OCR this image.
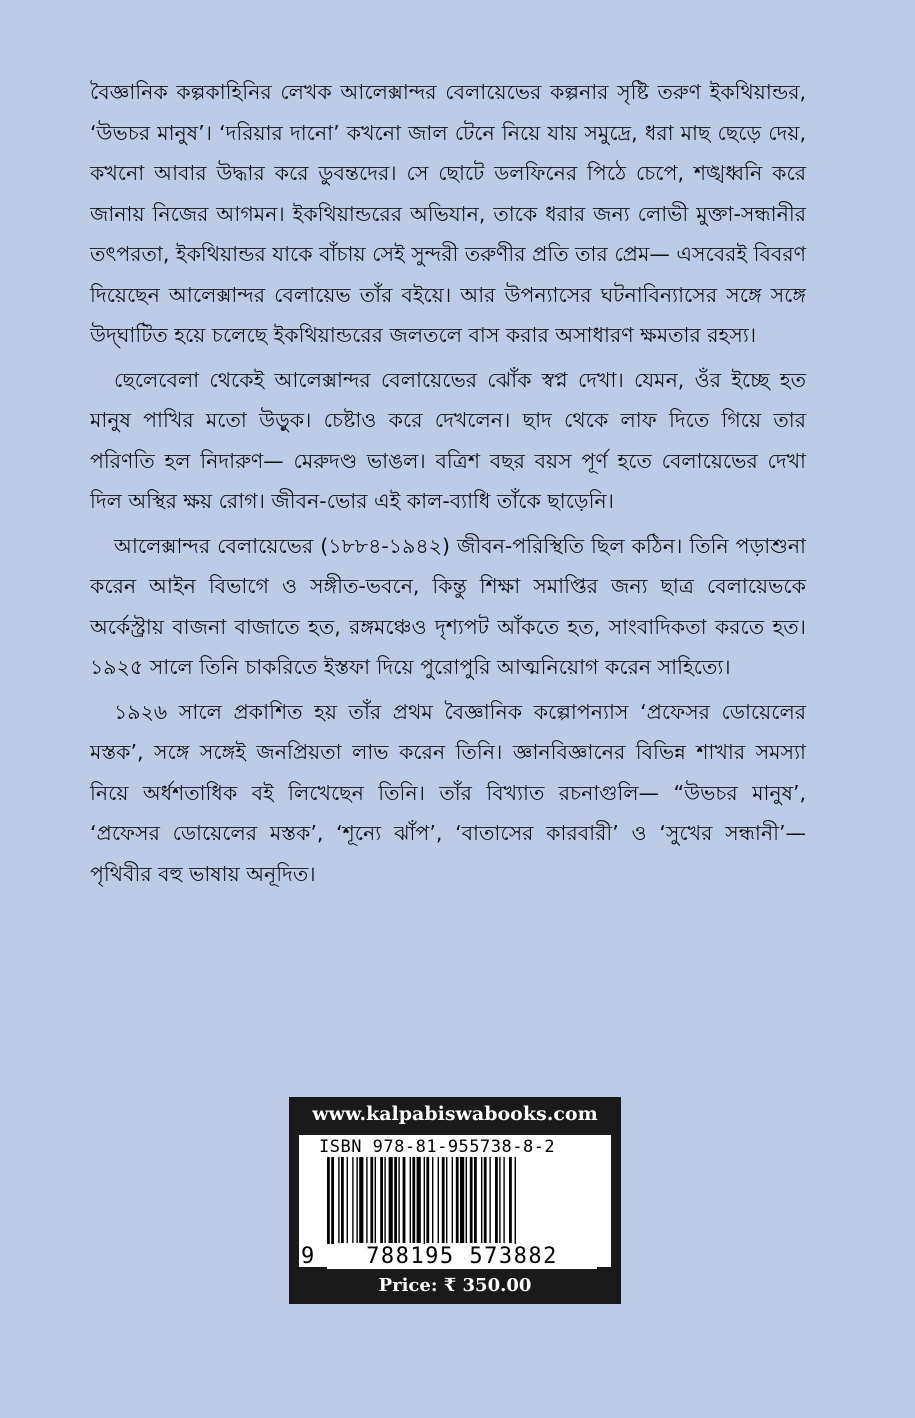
বৈজ্ঞানিক কল্পকাহিনির লেখক আলেক্সান্দর বেলায়েভের কল্পনার সৃষ্টি তরুণ ইকথিয়ান্ডর, ‘উভচর মানুষ’। ‘দরিয়ার দানো’ কখনো জাল টেনে নিয়ে যায় সমুদ্রে, ধরা মাছ ছেড়ে দেয়, কখনো আবার উদ্ধার করে ডুবন্তদের। সে ছোটে ডলফিনের পিঠে চেপে, শঙ্খধ্বনি করে জানায় নিজের আগমন। ইকথিয়ান্ডরের অভিযান, তাকে ধরার জন্য লোভী মুক্তা-সন্ধানীর তৎপরতা, ইকথিয়ান্ডর যাকে বাঁচায় সেই সুন্দরী তরুণীর প্রতি তার প্রেম— এসবেরই বিবরণ দিয়েছেন আলেক্সান্দর বেলায়েভ তাঁর বইয়ে। আর উপন্যাসের ঘটনাবিন্যাসের সঙ্গে সঙ্গে উদ্‌ঘাটিত হয়ে চলেছে ইকথিয়ান্ডরের জলতলে বাস করার অসাধারণ ক্ষমতার রহস্য।

ছেলেবেলা থেকেই আলেক্সান্দর বেলায়েভের ঝোঁক স্বপ্ন দেখা। যেমন, ওঁর ইচ্ছে হত মানুষ পাখির মতো উড়ুক। চেষ্টাও করে দেখলেন। ছাদ থেকে লাফ দিতে গিয়ে তার পরিণতি হল নিদারুণ— মেরুদণ্ড ভাঙল। বত্রিশ বছর বয়স পূর্ণ হতে বেলায়েভের দেখা দিল অস্থির ক্ষয় রোগ। জীবন-ভোর এই কাল-ব্যাধি তাঁকে ছাড়েনি।

আলেক্সান্দর বেলায়েভের (১৮৮৪-১৯৪২) জীবন-পরিস্থিতি ছিল কঠিন। তিনি পড়াশুনা করেন আইন বিভাগে ও সঙ্গীত-ভবনে, কিন্তু শিক্ষা সমাপ্তির জন্য ছাত্র বেলায়েভকে অর্কেস্ট্রায় বাজনা বাজাতে হত, রঙ্গমঞ্চেও দৃশ্যপট আঁকতে হত, সাংবাদিকতা করতে হত। ১৯২৫ সালে তিনি চাকরিতে ইস্তফা দিয়ে পুরোপুরি আত্মনিয়োগ করেন সাহিত্যে।

১৯২৬ সালে প্রকাশিত হয় তাঁর প্রথম বৈজ্ঞানিক কল্পোপন্যাস ‘প্রফেসর ডোয়েলের মস্তক’, সঙ্গে সঙ্গেই জনপ্রিয়তা লাভ করেন তিনি। জ্ঞানবিজ্ঞানের বিভিন্ন শাখার সমস্যা নিয়ে অর্ধশতাধিক বই লিখেছেন তিনি। তাঁর বিখ্যাত রচনাগুলি— “উভচর মানুষ’, ‘প্রফেসর ডোয়েলের মস্তক’, ‘শূন্যে ঝাঁপ’, ‘বাতাসের কারবারী’ ও ‘সুখের সন্ধানী’— পৃথিবীর বহু ভাষায় অনূদিত।

www.kalpabiswabooks.com
ISBN 978-81-955738-8-2
9	788195 573882
Price: ₹ 350.00
